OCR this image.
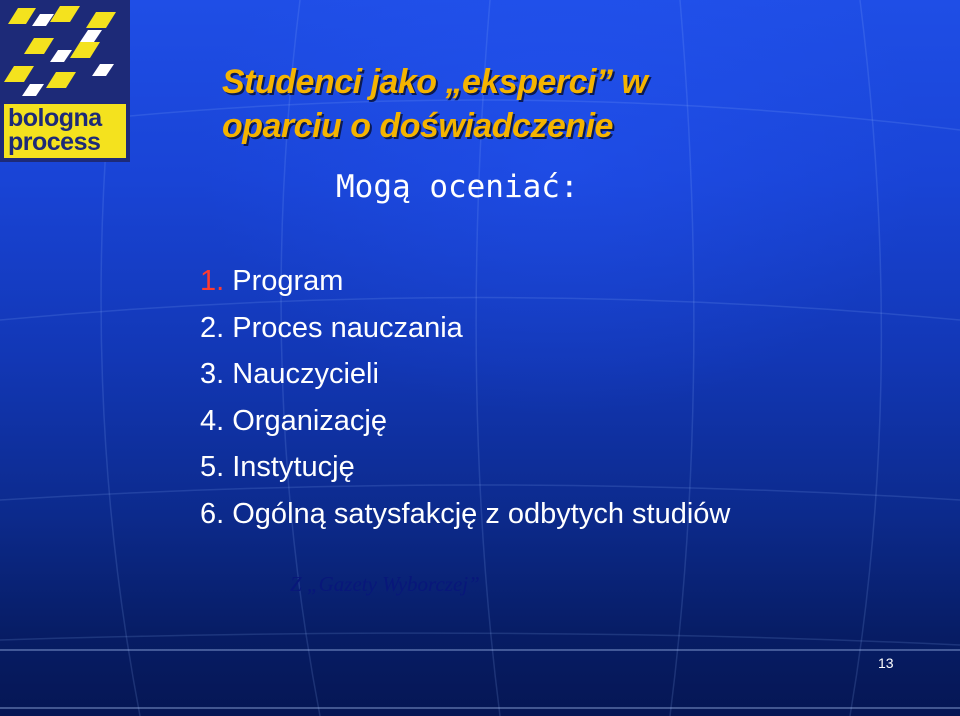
bologna
process
Studenci jako „eksperci” w
oparciu o doświadczenie

Mogą oceniać:

1. Program
2. Proces nauczania
3. Nauczycieli
4. Organizację
5. Instytucję
6. Ogólną satysfakcję z odbytych studiów

Z „Gazety Wyborczej”

13
